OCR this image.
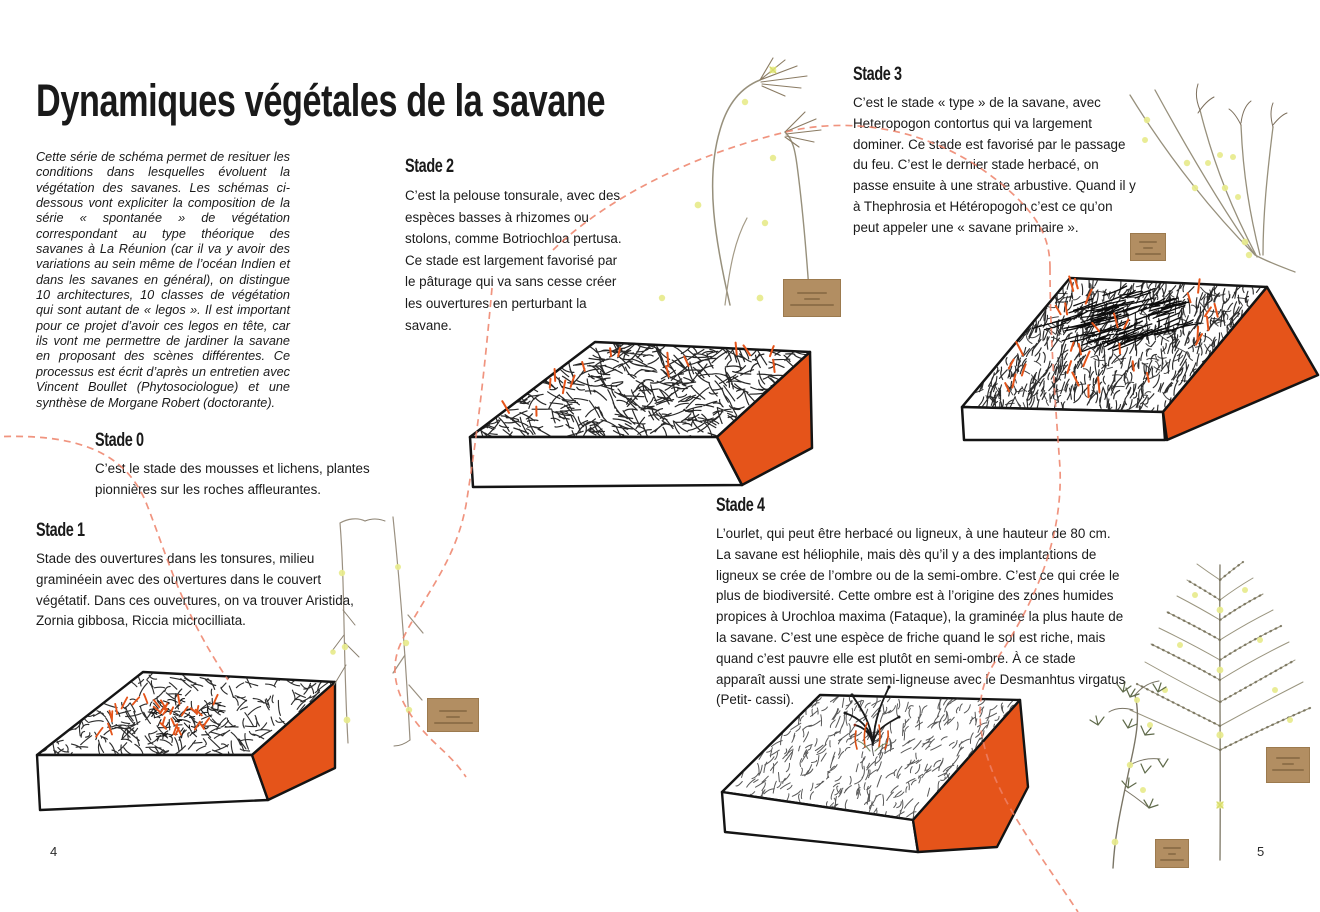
Dynamiques végétales de la savane

Cette série de schéma permet de resituer les conditions dans lesquelles évoluent la végétation des savanes. Les schémas ci-dessous vont expliciter la composition de la série « spontanée » de végétation correspondant au type théorique des savanes à La Réunion (car il va y avoir des variations au sein même de l’océan Indien et dans les savanes en général), on distingue 10 architectures, 10 classes de végétation qui sont autant de « legos ». Il est important pour ce projet d’avoir ces legos en tête, car ils vont me permettre de jardiner la savane en proposant des scènes différentes. Ce processus est écrit d’après un entretien avec Vincent Boullet (Phytosociologue) et une synthèse de Morgane Robert (doctorante).

Stade 0

C’est le stade des mousses et lichens, plantes pionnières sur les roches affleurantes.

Stade 1

Stade des ouvertures dans les tonsures, milieu graminéein avec des ouvertures dans le couvert végétatif. Dans ces ouvertures, on va trouver Aristida, Zornia gibbosa, Riccia microcilliata.

Stade 2

C’est la pelouse tonsurale, avec des espèces basses à rhizomes ou stolons, comme Botriochloa pertusa. Ce stade est largement favorisé par le pâturage qui va sans cesse créer les ouvertures en perturbant la savane.

Stade 3

C’est le stade « type » de la savane, avec Heteropogon contortus qui va largement dominer. Ce stade est favorisé par le passage du feu. C’est le dernier stade herbacé, on passe ensuite à une strate arbustive. Quand il y à Thephrosia et Hétéropogon c’est ce qu’on peut appeler une « savane primaire ».

Stade 4

L’ourlet, qui peut être herbacé ou ligneux, à une hauteur de 80 cm. La savane est héliophile, mais dès qu’il y a des implantations de ligneux se crée de l’ombre ou de la semi-ombre. C’est ce qui crée le plus de biodiversité. Cette ombre est à l’origine des zones humides propices à Urochloa maxima (Fataque), la graminée la plus haute de la savane. C’est une espèce de friche quand le sol est riche, mais quand c’est pauvre elle est plutôt en semi-ombre. À ce stade apparaît aussi une strate semi-ligneuse avec le Desmanhtus virgatus (Petit- cassi).

4	5
